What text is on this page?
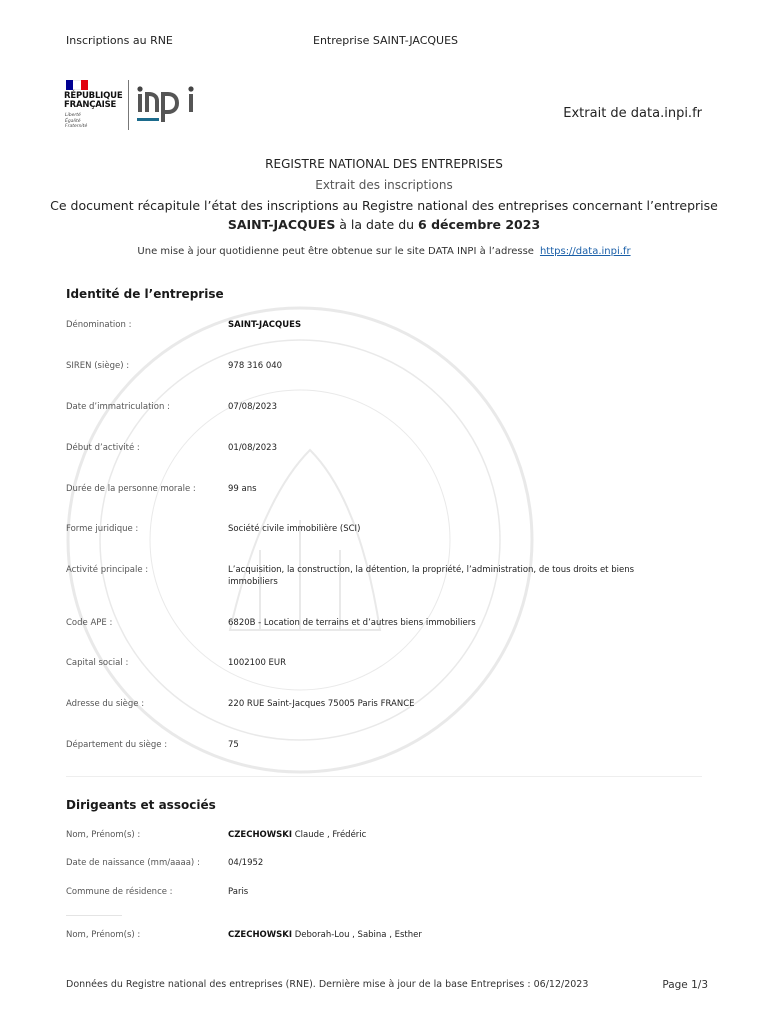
Inscriptions au RNE	Entreprise SAINT-JACQUES
RÉPUBLIQUE
FRANÇAISE
Liberté
Égalité
Fraternité
Extrait de data.inpi.fr
REGISTRE NATIONAL DES ENTREPRISES
Extrait des inscriptions
Ce document récapitule l’état des inscriptions au Registre national des entreprises concernant l’entreprise
SAINT-JACQUES à la date du 6 décembre 2023
Une mise à jour quotidienne peut être obtenue sur le site DATA INPI à l’adresse https://data.inpi.fr
Identité de l’entreprise
Dénomination :	SAINT-JACQUES
SIREN (siège) :	978 316 040
Date d’immatriculation :	07/08/2023
Début d’activité :	01/08/2023
Durée de la personne morale :	99 ans
Forme juridique :	Société civile immobilière (SCI)
Activité principale :	L’acquisition, la construction, la détention, la propriété, l’administration, de tous droits et biens immobiliers
Code APE :	6820B - Location de terrains et d’autres biens immobiliers
Capital social :	1002100 EUR
Adresse du siège :	220 RUE Saint-Jacques 75005 Paris FRANCE
Département du siège :	75
Dirigeants et associés
Nom, Prénom(s) :	CZECHOWSKI Claude , Frédéric
Date de naissance (mm/aaaa) :	04/1952
Commune de résidence :	Paris
Nom, Prénom(s) :	CZECHOWSKI Deborah-Lou , Sabina , Esther
Données du Registre national des entreprises (RNE). Dernière mise à jour de la base Entreprises : 06/12/2023	Page 1/3
